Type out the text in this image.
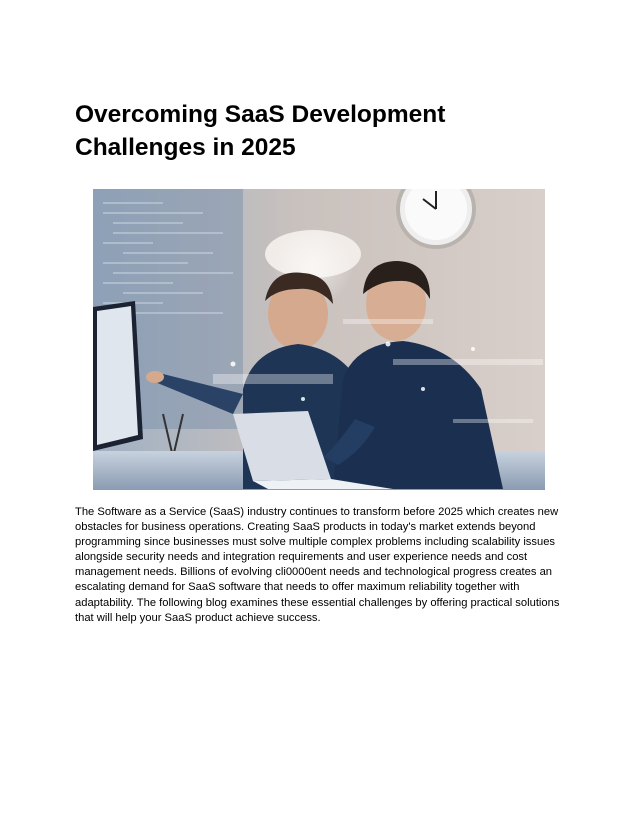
Overcoming SaaS Development Challenges in 2025

The Software as a Service (SaaS) industry continues to transform before 2025 which creates new obstacles for business operations. Creating SaaS products in today's market extends beyond programming since businesses must solve multiple complex problems including scalability issues alongside security needs and integration requirements and user experience needs and cost management needs. Billions of evolving cli0000ent needs and technological progress creates an escalating demand for SaaS software that needs to offer maximum reliability together with adaptability. The following blog examines these essential challenges by offering practical solutions that will help your SaaS product achieve success.
